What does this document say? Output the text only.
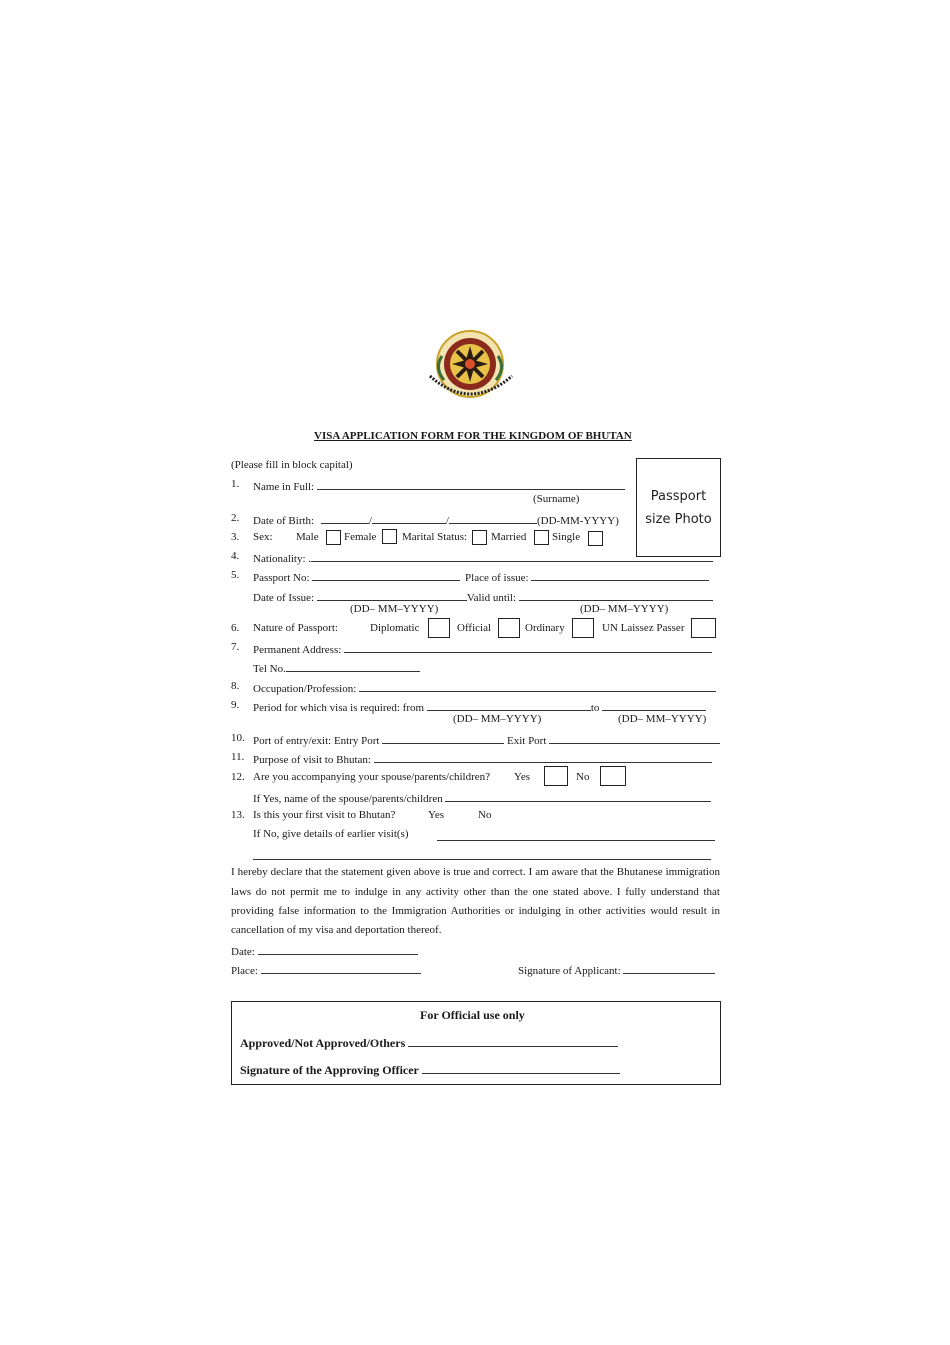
VISA APPLICATION FORM FOR THE KINGDOM OF BHUTAN
(Please fill in block capital)
Passport
size Photo
1. Name in Full:
(Surname)
2. Date of Birth:	/	/	(DD-MM-YYYY)
3. Sex: Male Female Marital Status: Married Single
4. Nationality: .
5. Passport No:	Place of issue:
Date of Issue:	Valid until:
(DD– MM–YYYY)	(DD– MM–YYYY)
6. Nature of Passport:	Diplomatic	Official	Ordinary	UN Laissez Passer
7. Permanent Address:
Tel No.
8. Occupation/Profession:
9. Period for which visa is required: from	to
(DD– MM–YYYY)	(DD– MM–YYYY)
10. Port of entry/exit: Entry Port	Exit Port
11. Purpose of visit to Bhutan:
12. Are you accompanying your spouse/parents/children? Yes	No
If Yes, name of the spouse/parents/children
13. Is this your first visit to Bhutan?	Yes	No
If No, give details of earlier visit(s)
I hereby declare that the statement given above is true and correct. I am aware that the Bhutanese immigration
laws do not permit me to indulge in any activity other than the one stated above. I fully understand that
providing false information to the Immigration Authorities or indulging in other activities would result in
cancellation of my visa and deportation thereof.
Date:
Place:	Signature of Applicant:
For Official use only
Approved/Not Approved/Others
Signature of the Approving Officer
